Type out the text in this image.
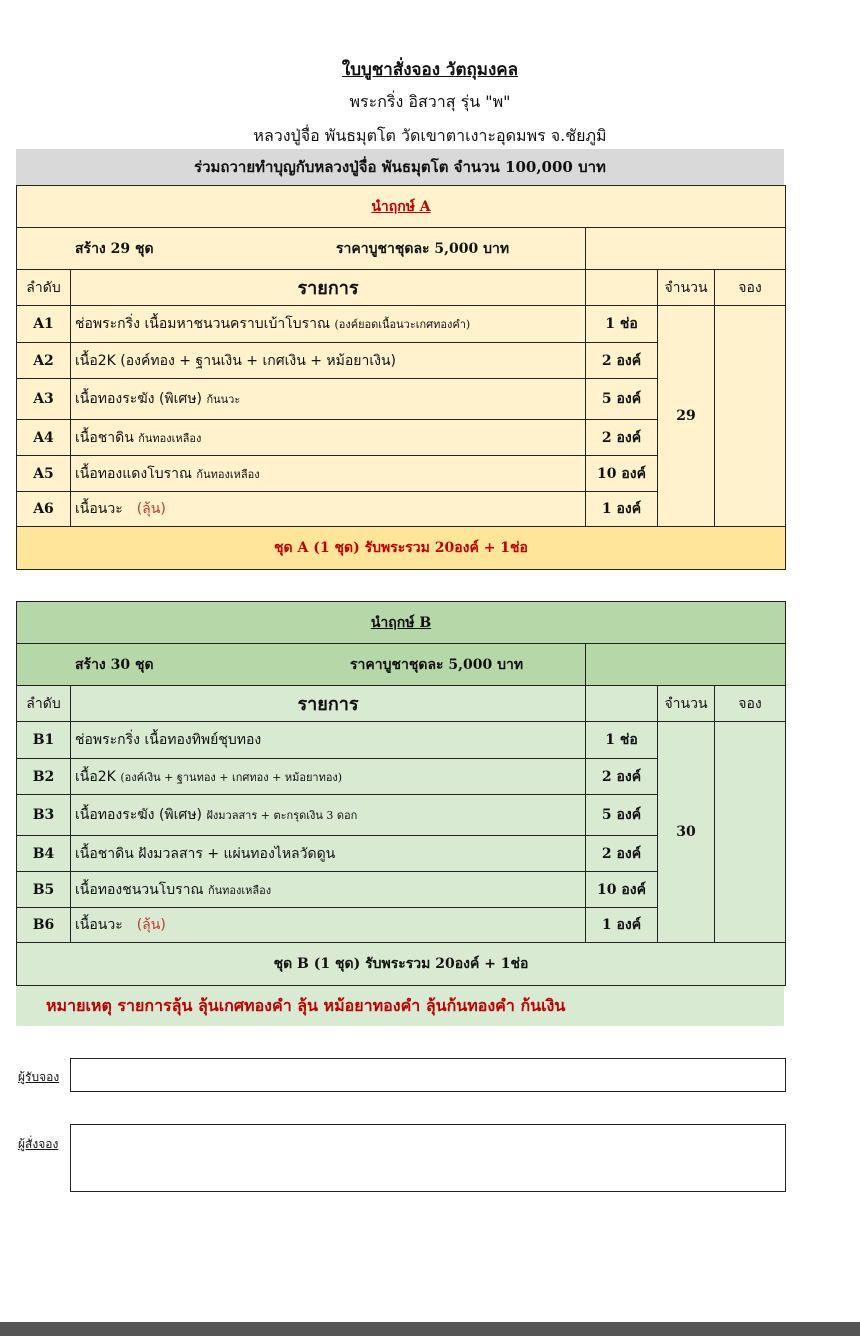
ใบบูชาสั่งจอง วัตถุมงคล
พระกริ่ง อิสวาสุ รุ่น "พ"
หลวงปู่จื่อ พันธมุตโต วัดเขาตาเงาะอุดมพร จ.ชัยภูมิ
ร่วมถวายทำบุญกับหลวงปู่จื่อ พันธมุตโต จำนวน 100,000 บาท
นำฤกษ์ A				
สร้าง 29 ชุด		ราคาบูชาชุดละ 5,000 บาท		
ลำดับ	รายการ		จำนวน	จอง
A1	ช่อพระกริ่ง เนื้อมหาชนวนคราบเบ้าโบราณ (องค์ยอดเนื้อนวะเกศทองคำ)	1 ช่อ	29	
A2	เนื้อ2K (องค์ทอง + ฐานเงิน + เกศเงิน + หม้อยาเงิน)	2 องค์		
A3	เนื้อทองระฆัง (พิเศษ) ก้นนวะ	5 องค์		
A4	เนื้อชาดิน ก้นทองเหลือง	2 องค์		
A5	เนื้อทองแดงโบราณ ก้นทองเหลือง	10 องค์		
A6	เนื้อนวะ (ลุ้น)	1 องค์		
ชุด A (1 ชุด) รับพระรวม 20องค์ + 1ช่อ				
นำฤกษ์ B				
สร้าง 30 ชุด		ราคาบูชาชุดละ 5,000 บาท		
ลำดับ	รายการ		จำนวน	จอง
B1	ช่อพระกริ่ง เนื้อทองทิพย์ชุบทอง	1 ช่อ	30	
B2	เนื้อ2K (องค์เงิน + ฐานทอง + เกศทอง + หม้อยาทอง)	2 องค์		
B3	เนื้อทองระฆัง (พิเศษ) ฝังมวลสาร + ตะกรุดเงิน 3 ดอก	5 องค์		
B4	เนื้อชาดิน ฝังมวลสาร + แผ่นทองไหลวัดดูน	2 องค์		
B5	เนื้อทองชนวนโบราณ ก้นทองเหลือง	10 องค์		
B6	เนื้อนวะ (ลุ้น)	1 องค์		
ชุด B (1 ชุด) รับพระรวม 20องค์ + 1ช่อ				
หมายเหตุ รายการลุ้น ลุ้นเกศทองคำ ลุ้น หม้อยาทองคำ ลุ้นก้นทองคำ ก้นเงิน
ผู้รับจอง
ผู้สั่งจอง
